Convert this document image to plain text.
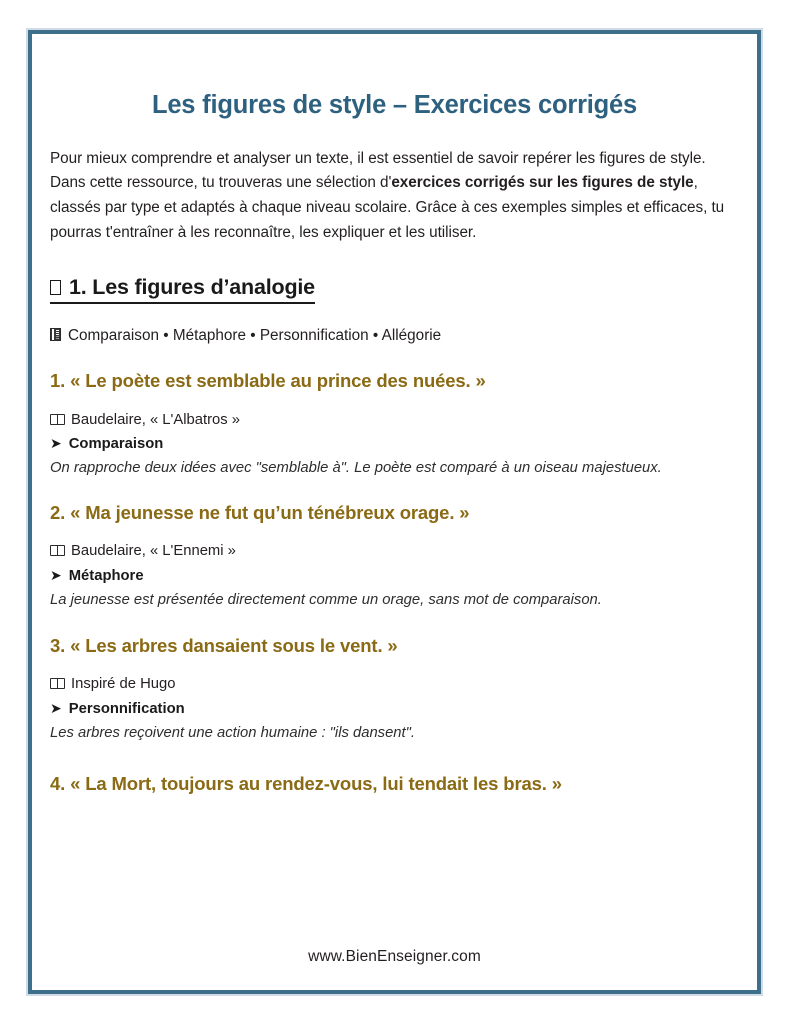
Les figures de style – Exercices corrigés

Pour mieux comprendre et analyser un texte, il est essentiel de savoir repérer les figures de style. Dans cette ressource, tu trouveras une sélection d'exercices corrigés sur les figures de style, classés par type et adaptés à chaque niveau scolaire. Grâce à ces exemples simples et efficaces, tu pourras t'entraîner à les reconnaître, les expliquer et les utiliser.

1. Les figures d’analogie

Comparaison • Métaphore • Personnification • Allégorie

1. « Le poète est semblable au prince des nuées. »

Baudelaire, « L'Albatros »

➤ Comparaison

On rapproche deux idées avec "semblable à". Le poète est comparé à un oiseau majestueux.

2. « Ma jeunesse ne fut qu’un ténébreux orage. »

Baudelaire, « L'Ennemi »

➤ Métaphore

La jeunesse est présentée directement comme un orage, sans mot de comparaison.

3. « Les arbres dansaient sous le vent. »

Inspiré de Hugo

➤ Personnification

Les arbres reçoivent une action humaine : "ils dansent".

4. « La Mort, toujours au rendez-vous, lui tendait les bras. »

www.BienEnseigner.com
